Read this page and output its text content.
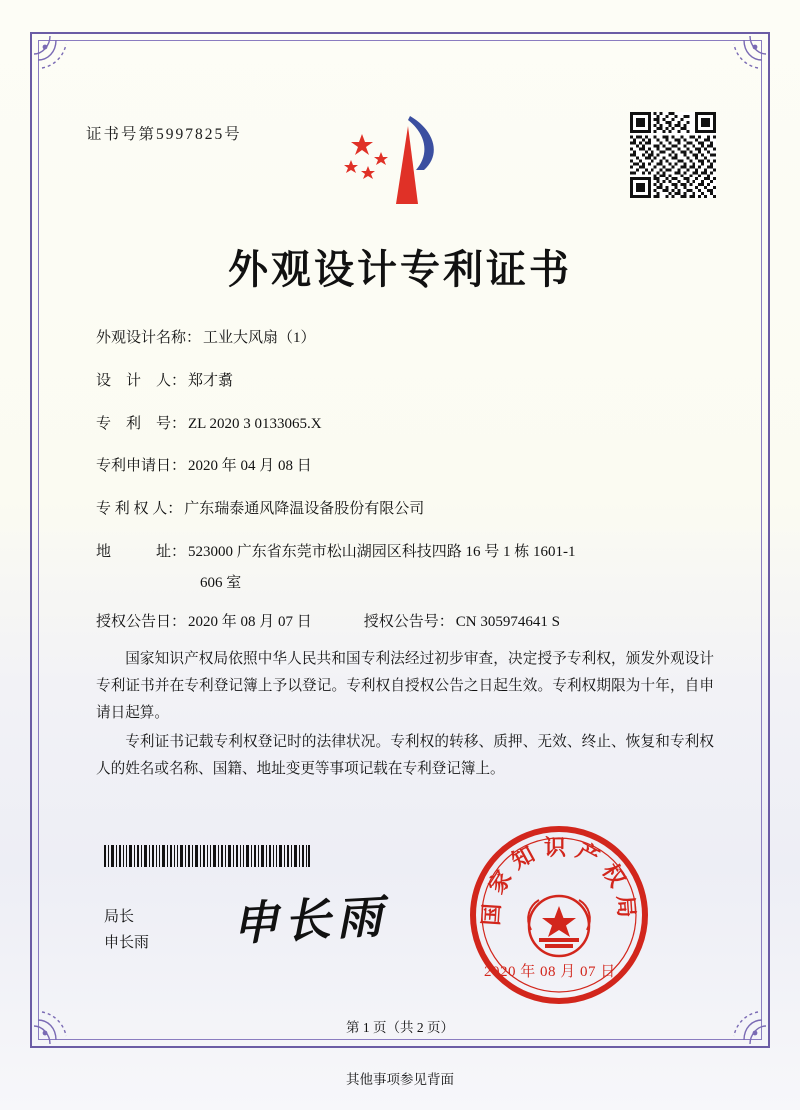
证书号第5997825号
外观设计专利证书
外观设计名称： 工业大风扇（1）
设　计　人： 郑才翥
专　利　号： ZL 2020 3 0133065.X
专利申请日： 2020 年 04 月 08 日
专 利 权 人： 广东瑞泰通风降温设备股份有限公司
地　　　址： 523000 广东省东莞市松山湖园区科技四路 16 号 1 栋 1601-1
606 室
授权公告日： 2020 年 08 月 07 日	授权公告号： CN 305974641 S

国家知识产权局依照中华人民共和国专利法经过初步审查，决定授予专利权，颁发外观设计专利证书并在专利登记簿上予以登记。专利权自授权公告之日起生效。专利权期限为十年，自申请日起算。

专利证书记载专利权登记时的法律状况。专利权的转移、质押、无效、终止、恢复和专利权人的姓名或名称、国籍、地址变更等事项记载在专利登记簿上。

局长
申长雨 申长雨	国家知识产权局
2020 年 08 月 07 日
第 1 页（共 2 页）
其他事项参见背面
